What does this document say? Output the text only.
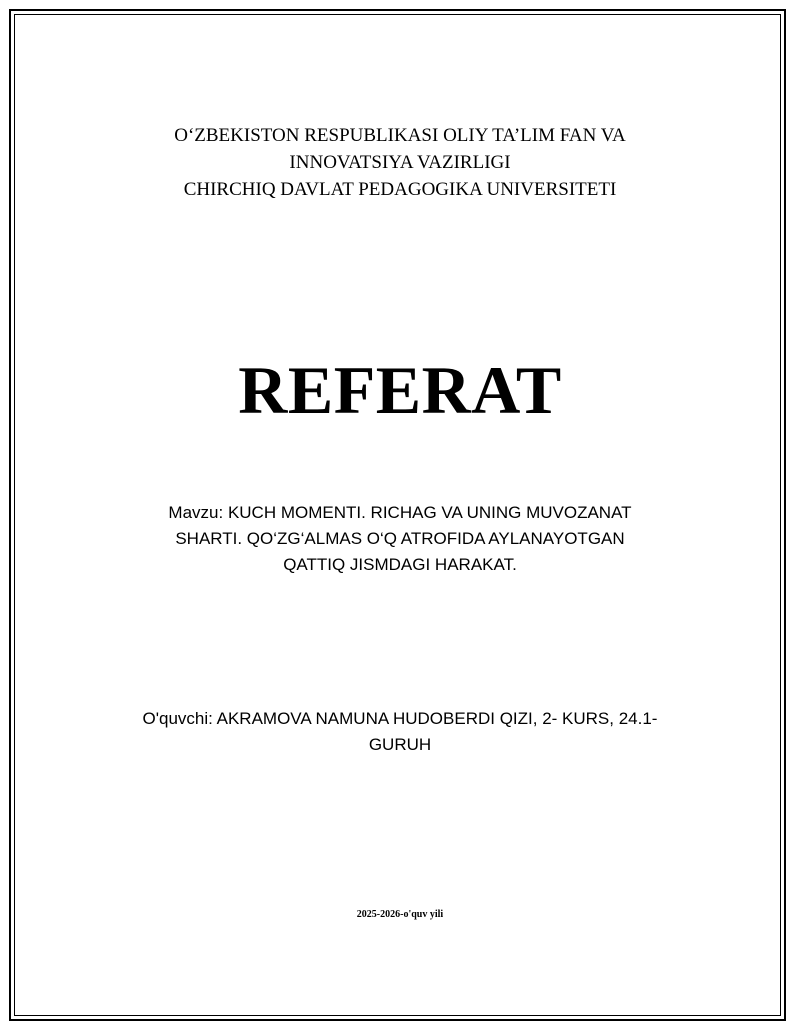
O‘ZBEKISTON RESPUBLIKASI OLIY TA’LIM FAN VA
INNOVATSIYA VAZIRLIGI
CHIRCHIQ DAVLAT PEDAGOGIKA UNIVERSITETI
REFERAT
Mavzu: KUCH MOMENTI. RICHAG VA UNING MUVOZANAT
SHARTI. QO‘ZG‘ALMAS O‘Q ATROFIDA AYLANAYOTGAN
QATTIQ JISMDAGI HARAKAT.
O'quvchi: AKRAMOVA NAMUNA HUDOBERDI QIZI, 2- KURS, 24.1-
GURUH
2025-2026-o'quv yili
